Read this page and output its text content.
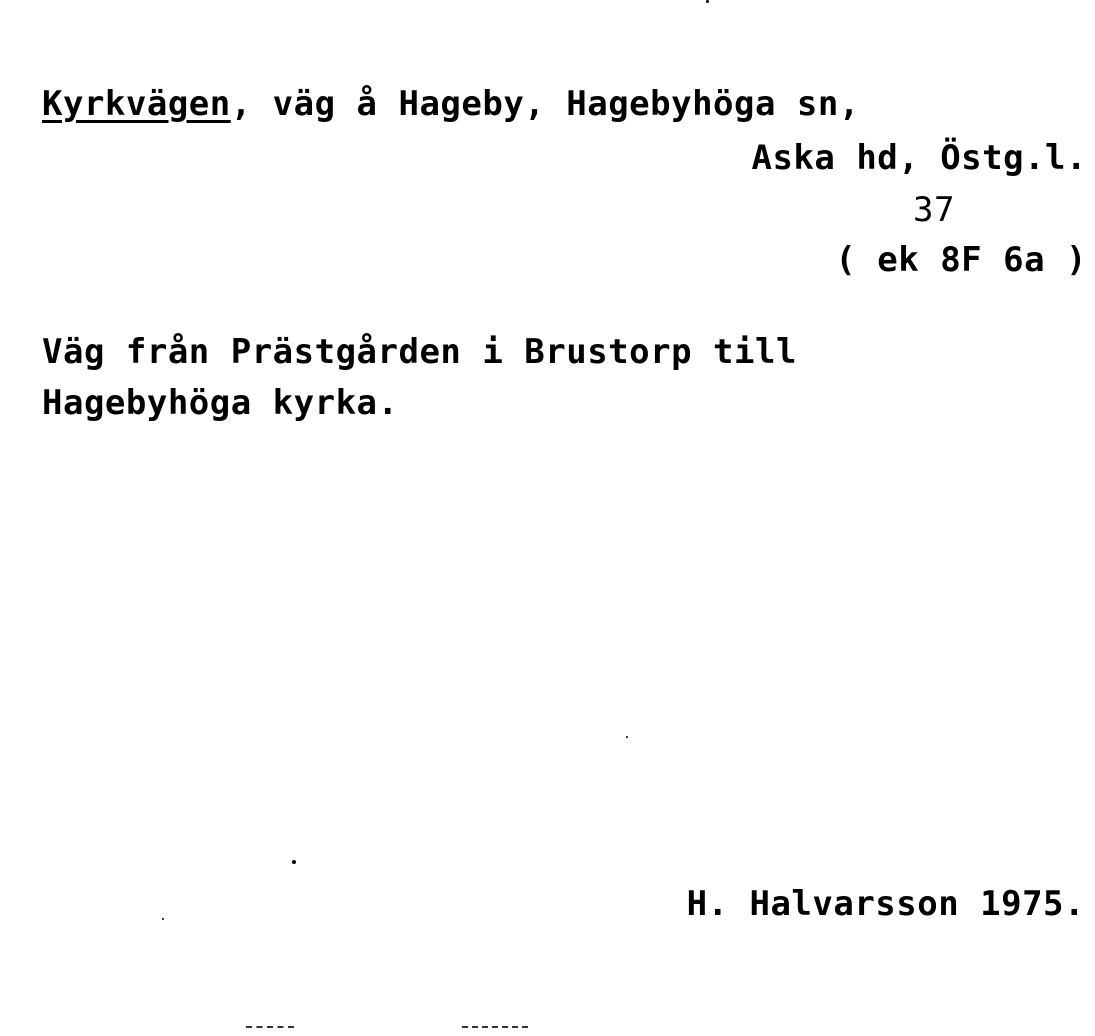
Kyrkvägen, väg å Hageby, Hagebyhöga sn,
Aska hd, Östg.l.
37
( ek 8F 6a )
Väg från Prästgården i Brustorp till
Hagebyhöga kyrka.
H. Halvarsson 1975.
